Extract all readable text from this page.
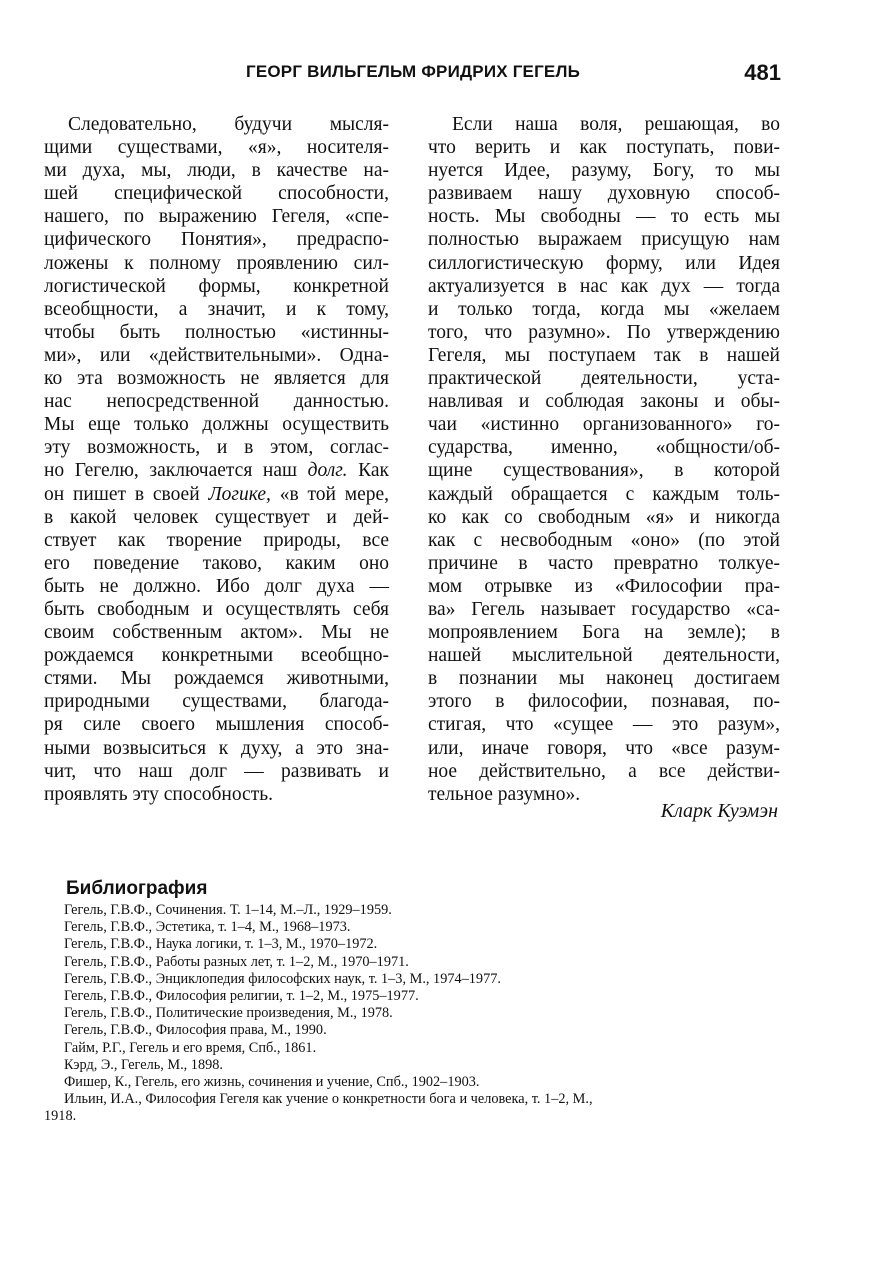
ГЕОРГ ВИЛЬГЕЛЬМ ФРИДРИХ ГЕГЕЛЬ	481
Следовательно, будучи мысля-
щими существами, «я», носителя-
ми духа, мы, люди, в качестве на-
шей специфической способности,
нашего, по выражению Гегеля, «спе-
цифического Понятия», предраспо-
ложены к полному проявлению сил-
логистической формы, конкретной
всеобщности, а значит, и к тому,
чтобы быть полностью «истинны-
ми», или «действительными». Одна-
ко эта возможность не является для
нас непосредственной данностью.
Мы еще только должны осуществить
эту возможность, и в этом, соглас-
но Гегелю, заключается наш долг. Как
он пишет в своей Логике, «в той мере,
в какой человек существует и дей-
ствует как творение природы, все
его поведение таково, каким оно
быть не должно. Ибо долг духа —
быть свободным и осуществлять себя
своим собственным актом». Мы не
рождаемся конкретными всеобщно-
стями. Мы рождаемся животными,
природными существами, благода-
ря силе своего мышления способ-
ными возвыситься к духу, а это зна-
чит, что наш долг — развивать и
проявлять эту способность.
Если наша воля, решающая, во
что верить и как поступать, пови-
нуется Идее, разуму, Богу, то мы
развиваем нашу духовную способ-
ность. Мы свободны — то есть мы
полностью выражаем присущую нам
силлогистическую форму, или Идея
актуализуется в нас как дух — тогда
и только тогда, когда мы «желаем
того, что разумно». По утверждению
Гегеля, мы поступаем так в нашей
практической деятельности, уста-
навливая и соблюдая законы и обы-
чаи «истинно организованного» го-
сударства, именно, «общности/об-
щине существования», в которой
каждый обращается с каждым толь-
ко как со свободным «я» и никогда
как с несвободным «оно» (по этой
причине в часто превратно толкуе-
мом отрывке из «Философии пра-
ва» Гегель называет государство «са-
мопроявлением Бога на земле); в
нашей мыслительной деятельности,
в познании мы наконец достигаем
этого в философии, познавая, по-
стигая, что «сущее — это разум»,
или, иначе говоря, что «все разум-
ное действительно, а все действи-
тельное разумно».
Кларк Куэмэн
Библиография
Гегель, Г.В.Ф., Сочинения. Т. 1–14, М.–Л., 1929–1959.
Гегель, Г.В.Ф., Эстетика, т. 1–4, М., 1968–1973.
Гегель, Г.В.Ф., Наука логики, т. 1–3, М., 1970–1972.
Гегель, Г.В.Ф., Работы разных лет, т. 1–2, М., 1970–1971.
Гегель, Г.В.Ф., Энциклопедия философских наук, т. 1–3, М., 1974–1977.
Гегель, Г.В.Ф., Философия религии, т. 1–2, М., 1975–1977.
Гегель, Г.В.Ф., Политические произведения, М., 1978.
Гегель, Г.В.Ф., Философия права, М., 1990.
Гайм, Р.Г., Гегель и его время, Спб., 1861.
Кэрд, Э., Гегель, М., 1898.
Фишер, К., Гегель, его жизнь, сочинения и учение, Спб., 1902–1903.
Ильин, И.А., Философия Гегеля как учение о конкретности бога и человека, т. 1–2, М.,
1918.
